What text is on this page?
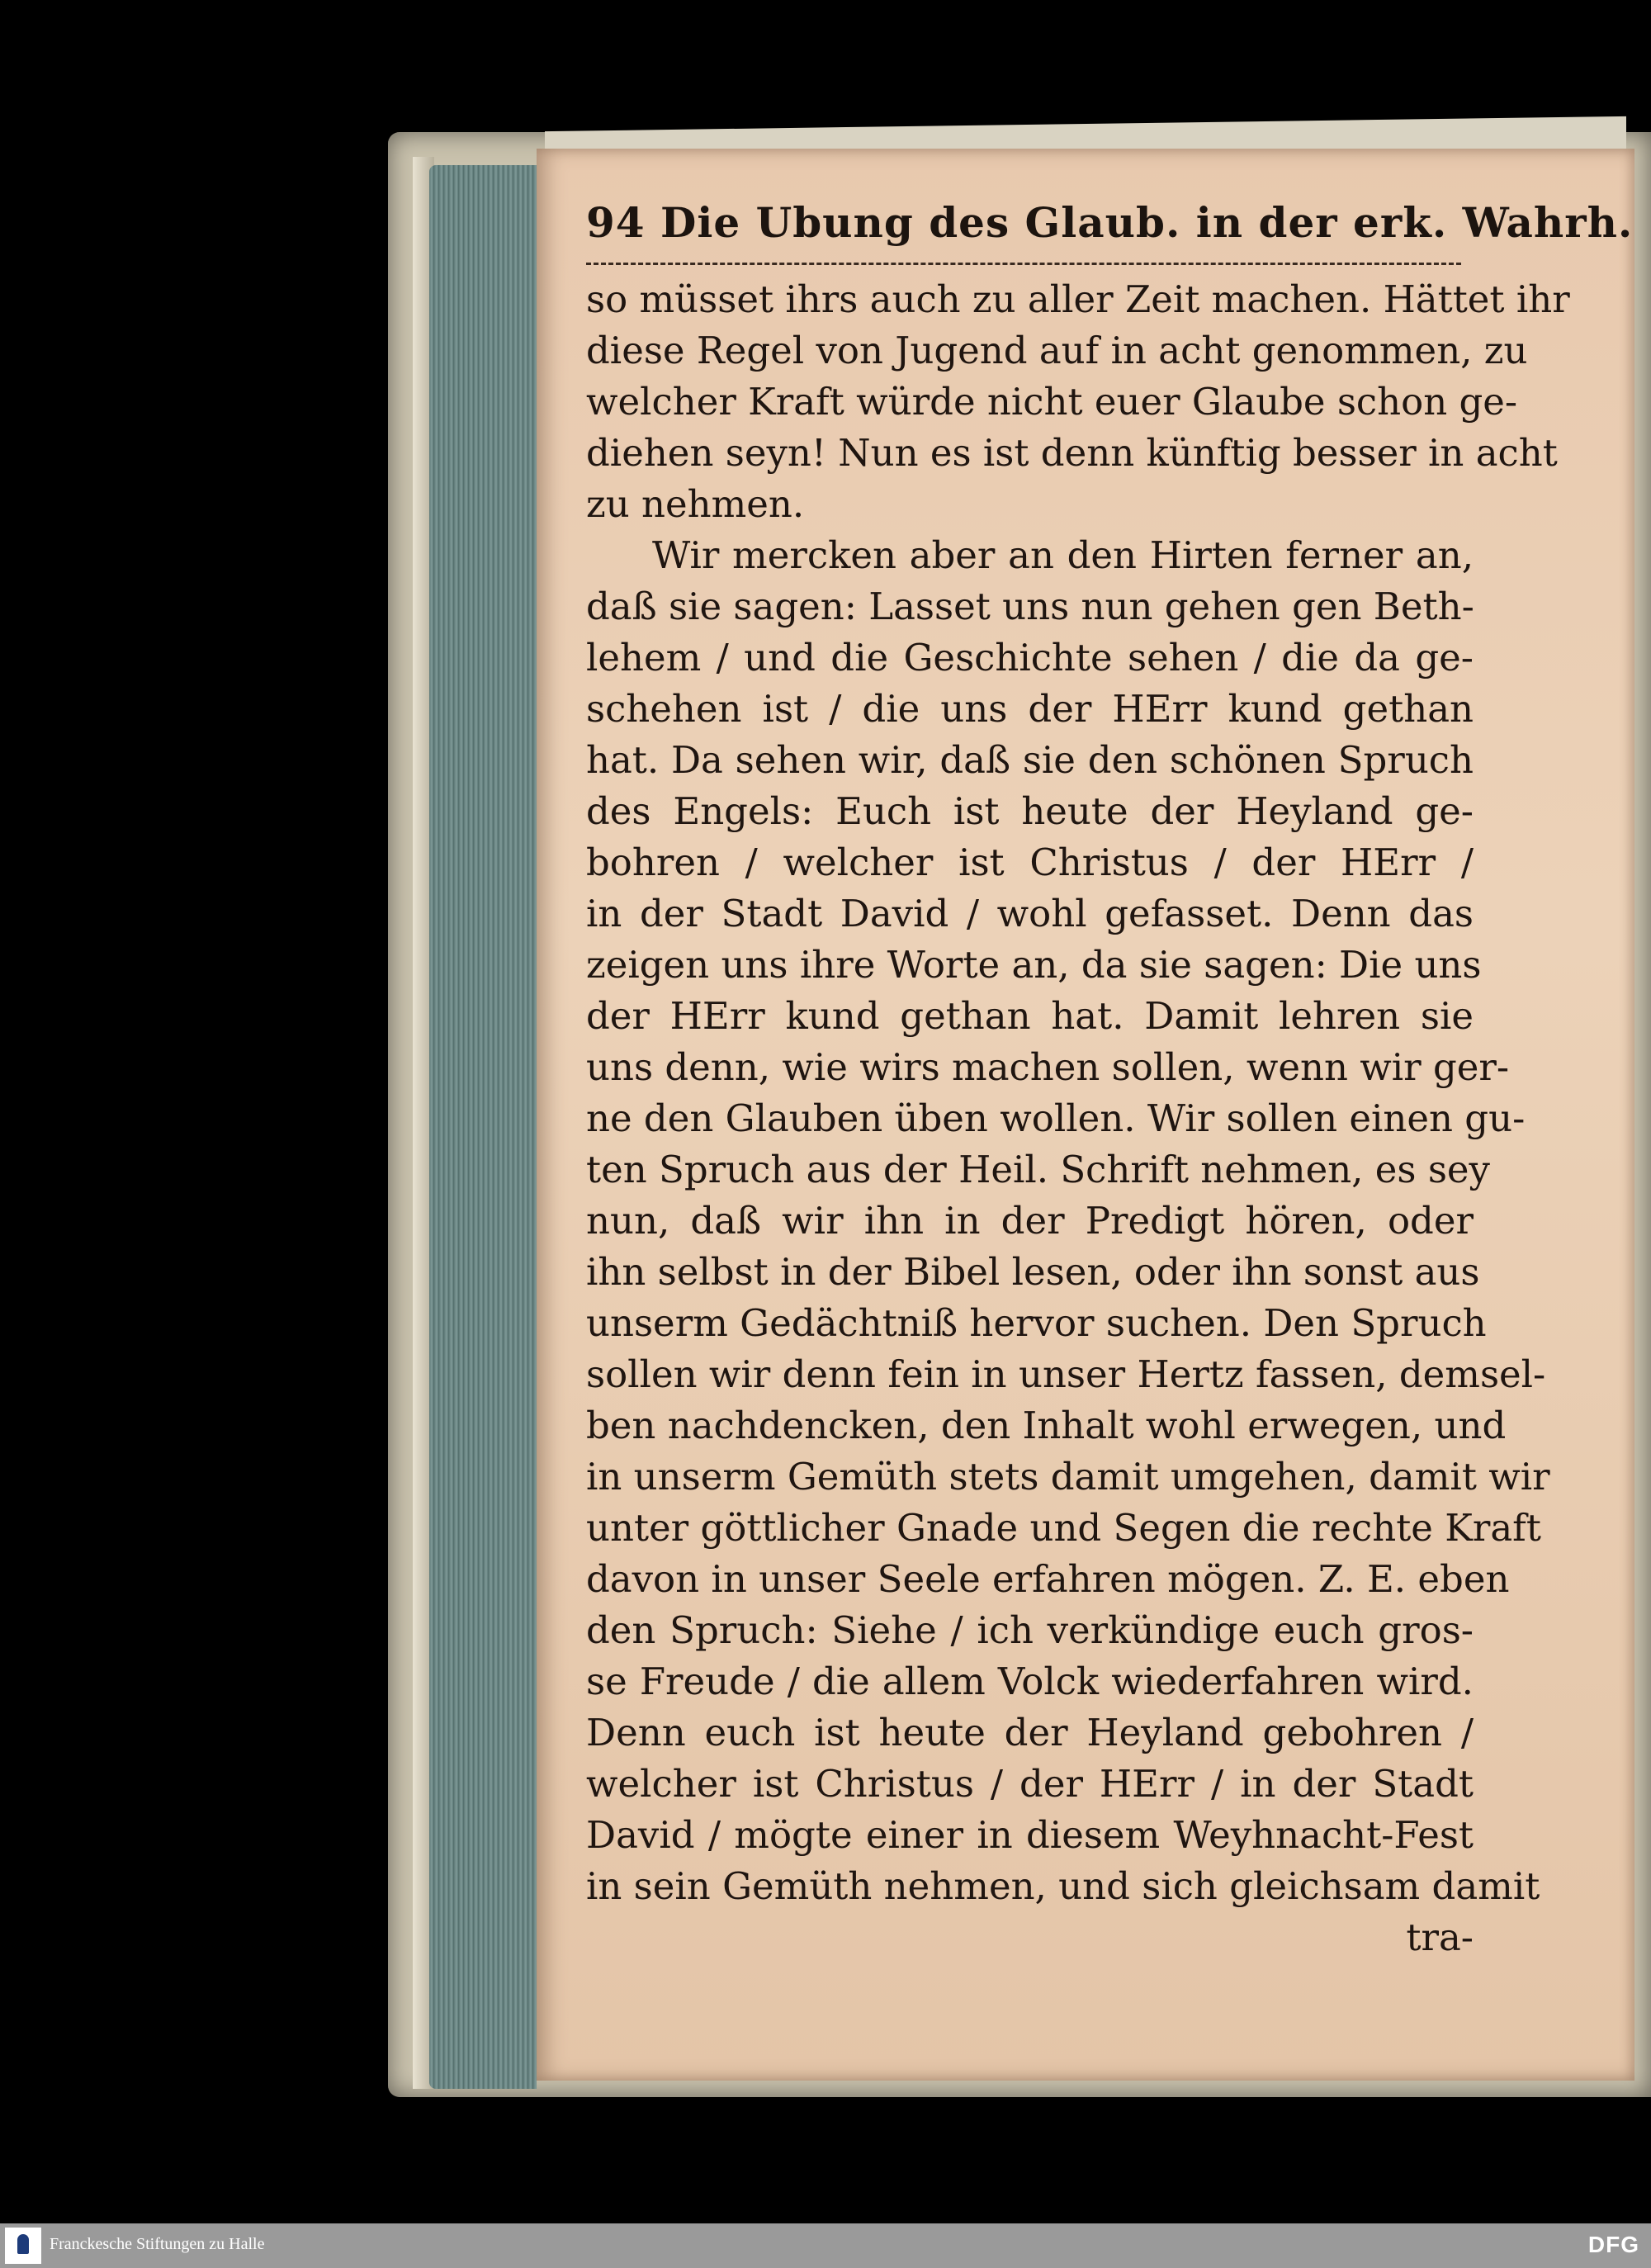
94 Die Ubung des Glaub. in der erk. Wahrh.
so müsset ihrs auch zu aller Zeit machen. Hättet ihr
diese Regel von Jugend auf in acht genommen, zu
welcher Kraft würde nicht euer Glaube schon ge-
diehen seyn! Nun es ist denn künftig besser in acht
zu nehmen.
Wir mercken aber an den Hirten ferner an,
daß sie sagen: Lasset uns nun gehen gen Beth-
lehem / und die Geschichte sehen / die da ge-
schehen ist / die uns der HErr kund gethan
hat. Da sehen wir, daß sie den schönen Spruch
des Engels: Euch ist heute der Heyland ge-
bohren / welcher ist Christus / der HErr /
in der Stadt David / wohl gefasset. Denn das
zeigen uns ihre Worte an, da sie sagen: Die uns
der HErr kund gethan hat. Damit lehren sie
uns denn, wie wirs machen sollen, wenn wir ger-
ne den Glauben üben wollen. Wir sollen einen gu-
ten Spruch aus der Heil. Schrift nehmen, es sey
nun, daß wir ihn in der Predigt hören, oder
ihn selbst in der Bibel lesen, oder ihn sonst aus
unserm Gedächtniß hervor suchen. Den Spruch
sollen wir denn fein in unser Hertz fassen, demsel-
ben nachdencken, den Inhalt wohl erwegen, und
in unserm Gemüth stets damit umgehen, damit wir
unter göttlicher Gnade und Segen die rechte Kraft
davon in unser Seele erfahren mögen. Z. E. eben
den Spruch: Siehe / ich verkündige euch gros-
se Freude / die allem Volck wiederfahren wird.
Denn euch ist heute der Heyland gebohren /
welcher ist Christus / der HErr / in der Stadt
David / mögte einer in diesem Weyhnacht-Fest
in sein Gemüth nehmen, und sich gleichsam damit
tra-
Franckesche Stiftungen zu Halle	DFG
